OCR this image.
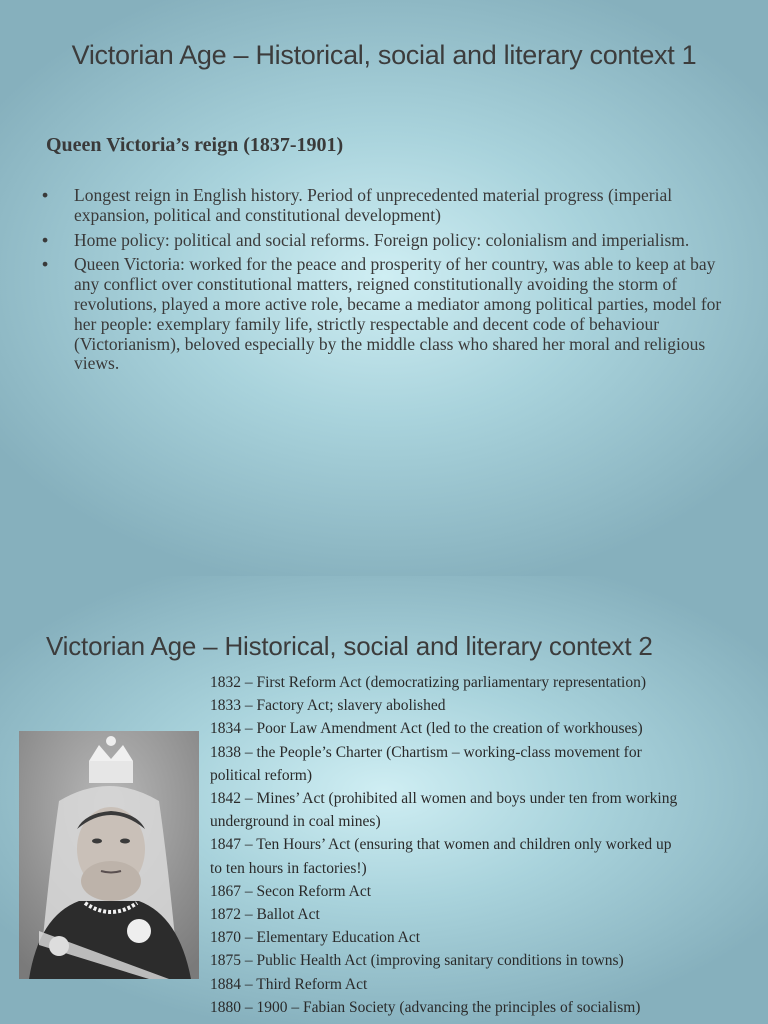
Victorian Age – Historical, social and literary context 1
Queen Victoria’s reign (1837-1901)
• Longest reign in English history. Period of unprecedented material progress (imperial expansion, political and constitutional development)
• Home policy: political and social reforms. Foreign policy: colonialism and imperialism.
• Queen Victoria: worked for the peace and prosperity of her country, was able to keep at bay any conflict over constitutional matters, reigned constitutionally avoiding the storm of revolutions, played a more active role, became a mediator among political parties, model for her people: exemplary family life, strictly respectable and decent code of behaviour (Victorianism), beloved especially by the middle class who shared her moral and religious views.
Victorian Age – Historical, social and literary context 2
1832 – First Reform Act (democratizing parliamentary representation)
1833 – Factory Act; slavery abolished
1834 – Poor Law Amendment Act (led to the creation of workhouses)
1838 – the People’s Charter (Chartism – working-class movement for
political reform)
1842 – Mines’ Act (prohibited all women and boys under ten from working
underground in coal mines)
1847 – Ten Hours’ Act (ensuring that women and children only worked up
to ten hours in factories!)
1867 – Secon Reform Act
1872 – Ballot Act
1870 – Elementary Education Act
1875 – Public Health Act (improving sanitary conditions in towns)
1884 – Third Reform Act
1880 – 1900 – Fabian Society (advancing the principles of socialism)
